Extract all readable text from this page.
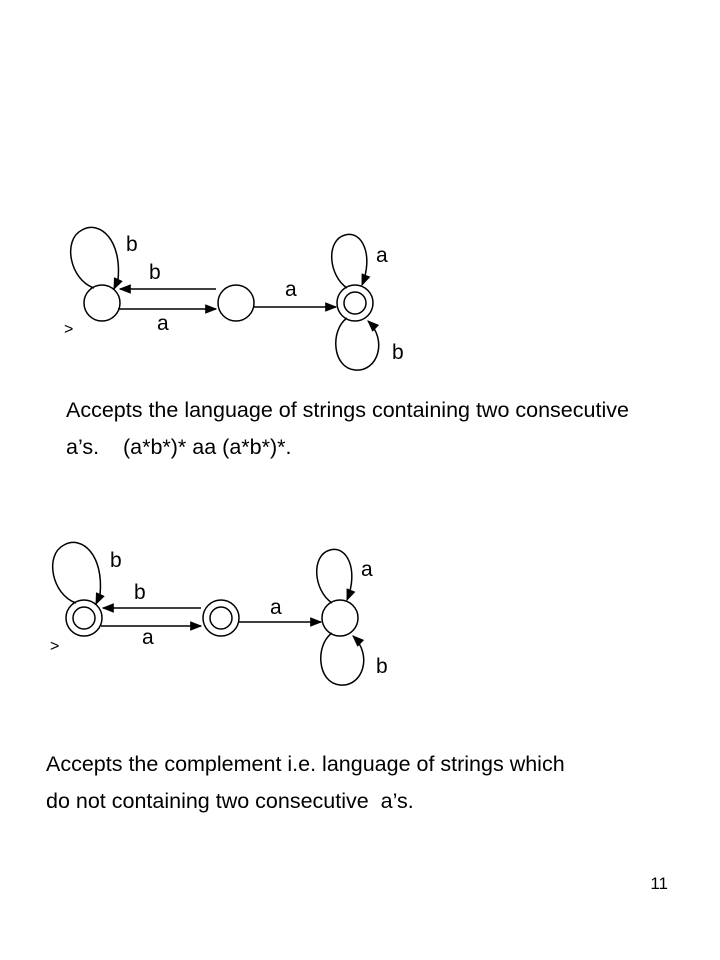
b
b
a
a
a
b
>
Accepts the language of strings containing two consecutive
a’s.    (a*b*)* aa (a*b*)*.
b
b
a
a
a
b
>
Accepts the complement i.e. language of strings which
do not containing two consecutive  a’s.
11
